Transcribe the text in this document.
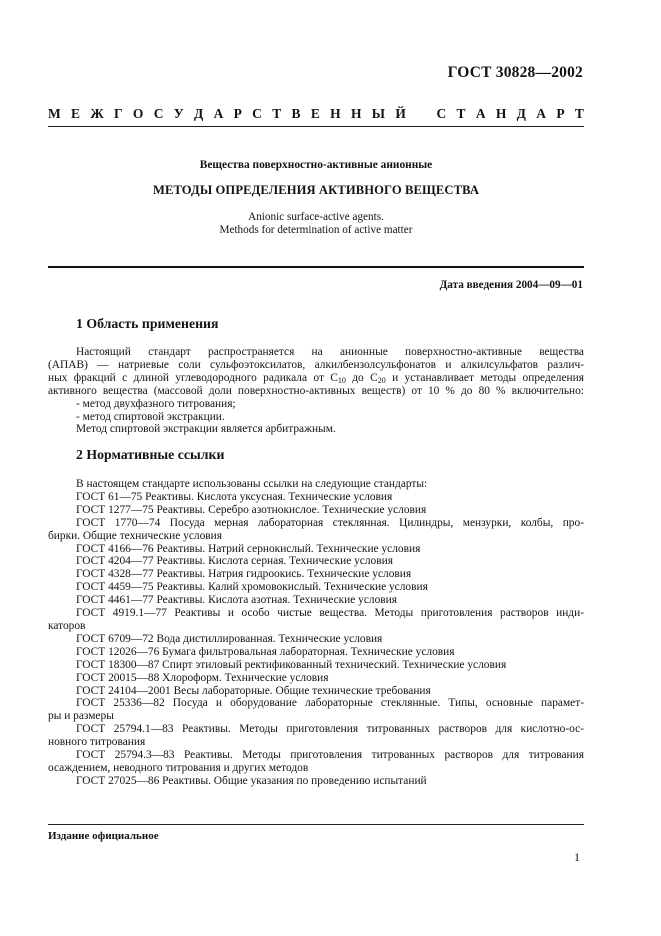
ГОСТ 30828—2002
М Е Ж Г О С У Д А Р С Т В Е Н Н Ы Й С Т А Н Д А Р Т
Вещества поверхностно-активные анионные
МЕТОДЫ ОПРЕДЕЛЕНИЯ АКТИВНОГО ВЕЩЕСТВА
Anionic surface-active agents.
Methods for determination of active matter
Дата введения 2004—09—01
1 Область применения
Настоящий стандарт распространяется на анионные поверхностно-активные вещества
(АПАВ) — натриевые соли сульфоэтоксилатов, алкилбензолсульфонатов и алкилсульфатов различ-
ных фракций с длиной углеводородного радикала от $C_{10}$ до $C_{20}$ и устанавливает методы определения
активного вещества (массовой доли поверхностно-активных веществ) от 10 % до 80 % включительно:
- метод двухфазного титрования;
- метод спиртовой экстракции.
Метод спиртовой экстракции является арбитражным.
2 Нормативные ссылки
В настоящем стандарте использованы ссылки на следующие стандарты:
ГОСТ 61—75 Реактивы. Кислота уксусная. Технические условия
ГОСТ 1277—75 Реактивы. Серебро азотнокислое. Технические условия
ГОСТ 1770—74 Посуда мерная лабораторная стеклянная. Цилиндры, мензурки, колбы, про-
бирки. Общие технические условия
ГОСТ 4166—76 Реактивы. Натрий сернокислый. Технические условия
ГОСТ 4204—77 Реактивы. Кислота серная. Технические условия
ГОСТ 4328—77 Реактивы. Натрия гидроокись. Технические условия
ГОСТ 4459—75 Реактивы. Калий хромовокислый. Технические условия
ГОСТ 4461—77 Реактивы. Кислота азотная. Технические условия
ГОСТ 4919.1—77 Реактивы и особо чистые вещества. Методы приготовления растворов инди-
каторов
ГОСТ 6709—72 Вода дистиллированная. Технические условия
ГОСТ 12026—76 Бумага фильтровальная лабораторная. Технические условия
ГОСТ 18300—87 Спирт этиловый ректификованный технический. Технические условия
ГОСТ 20015—88 Хлороформ. Технические условия
ГОСТ 24104—2001 Весы лабораторные. Общие технические требования
ГОСТ 25336—82 Посуда и оборудование лабораторные стеклянные. Типы, основные парамет-
ры и размеры
ГОСТ 25794.1—83 Реактивы. Методы приготовления титрованных растворов для кислотно-ос-
новного титрования
ГОСТ 25794.3—83 Реактивы. Методы приготовления титрованных растворов для титрования
осаждением, неводного титрования и других методов
ГОСТ 27025—86 Реактивы. Общие указания по проведению испытаний
Издание официальное
1
